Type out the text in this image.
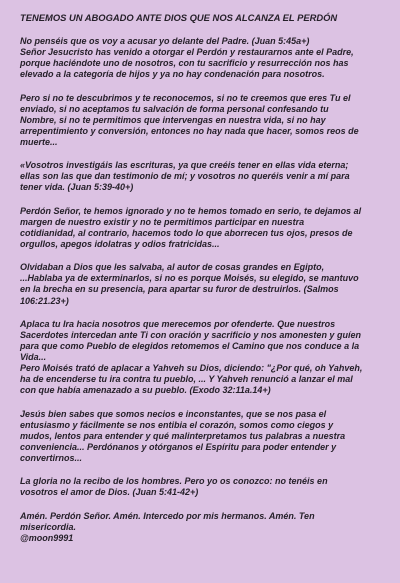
TENEMOS UN ABOGADO ANTE DIOS QUE NOS ALCANZA EL PERDÓN
No penséis que os voy a acusar yo delante del Padre. (Juan 5:45a+)
Señor Jesucristo has venido a otorgar el Perdón y restaurarnos ante el Padre,
porque haciéndote uno de nosotros, con tu sacrificio y resurrección nos has
elevado a la categoría de hijos y ya no hay condenación para nosotros.
Pero si no te descubrimos y te reconocemos, si no te creemos que eres Tu el
enviado, si no aceptamos tu salvación de forma personal confesando tu
Nombre, si no te permitimos que intervengas en nuestra vida, si no hay
arrepentimiento y conversión, entonces no hay nada que hacer, somos reos de
muerte...
«Vosotros investigáis las escrituras, ya que creéis tener en ellas vida eterna;
ellas son las que dan testimonio de mí; y vosotros no queréis venir a mí para
tener vida. (Juan 5:39-40+)
Perdón Señor, te hemos ignorado y no te hemos tomado en serio, te dejamos al
margen de nuestro existir y no te permitimos participar en nuestra
cotidianidad, al contrario, hacemos todo lo que aborrecen tus ojos, presos de
orgullos, apegos idolatras y odios fratricidas...
Olvidaban a Dios que les salvaba, al autor de cosas grandes en Egipto,
...Hablaba ya de exterminarlos, si no es porque Moisés, su elegido, se mantuvo
en la brecha en su presencia, para apartar su furor de destruirlos. (Salmos
106:21.23+)
Aplaca tu Ira hacia nosotros que merecemos por ofenderte. Que nuestros
Sacerdotes intercedan ante Ti con oración y sacrificio y nos amonesten y guíen
para que como Pueblo de elegidos retomemos el Camino que nos conduce a la
Vida...
Pero Moisés trató de aplacar a Yahveh su Dios, diciendo: "¿Por qué, oh Yahveh,
ha de encenderse tu ira contra tu pueblo, ... Y Yahveh renunció a lanzar el mal
con que había amenazado a su pueblo. (Exodo 32:11a.14+)
Jesús bien sabes que somos necios e inconstantes, que se nos pasa el
entusiasmo y fácilmente se nos entibia el corazón, somos como ciegos y
mudos, lentos para entender y qué malinterpretamos tus palabras a nuestra
conveniencia... Perdónanos y otórganos el Espíritu para poder entender y
convertirnos...
La gloria no la recibo de los hombres. Pero yo os conozco: no tenéis en
vosotros el amor de Dios. (Juan 5:41-42+)
Amén. Perdón Señor. Amén. Intercedo por mis hermanos. Amén. Ten
misericordia.
@moon9991
